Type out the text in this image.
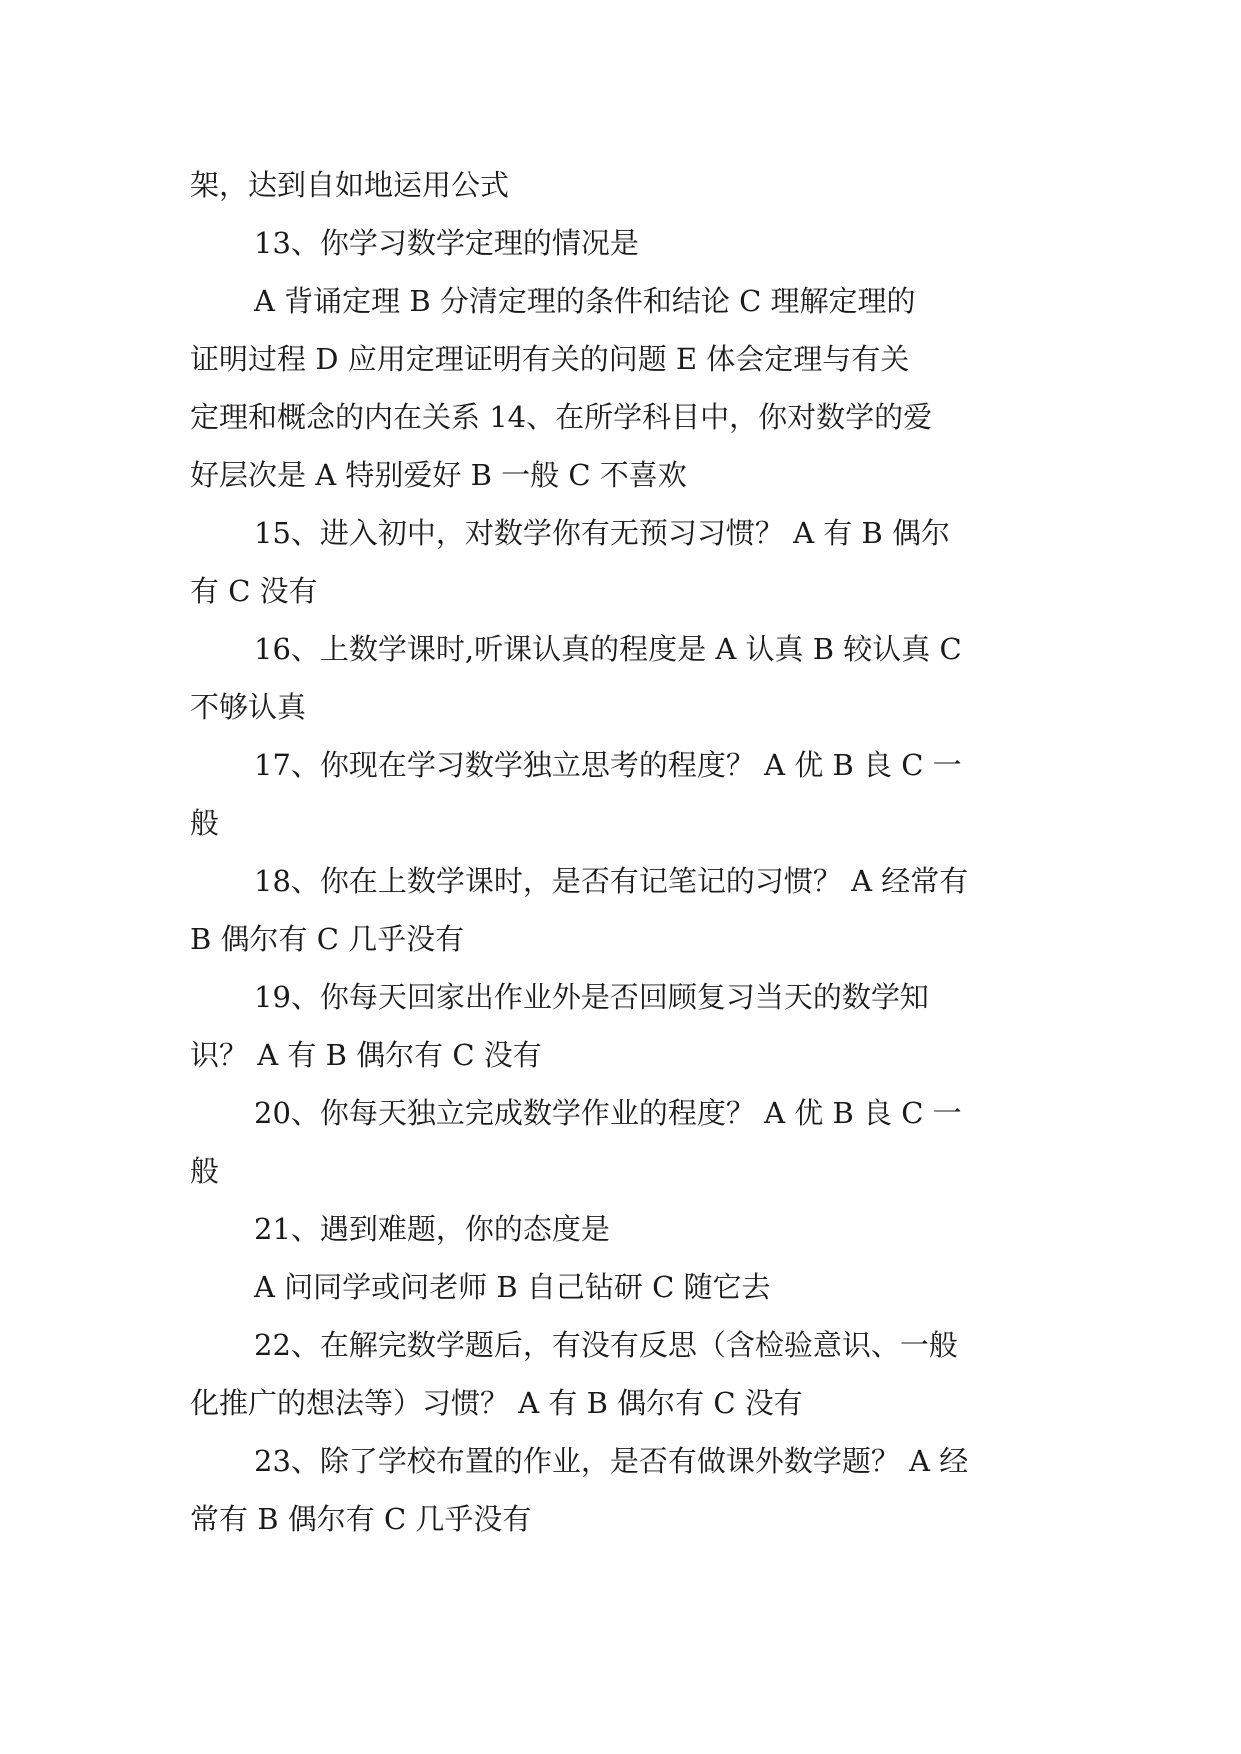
架，达到自如地运用公式
13、你学习数学定理的情况是
A 背诵定理 B 分清定理的条件和结论 C 理解定理的
证明过程 D 应用定理证明有关的问题 E 体会定理与有关
定理和概念的内在关系 14、在所学科目中，你对数学的爱
好层次是 A 特别爱好 B 一般 C 不喜欢
15、进入初中，对数学你有无预习习惯？ A 有 B 偶尔
有 C 没有
16、上数学课时,听课认真的程度是 A 认真 B 较认真 C
不够认真
17、你现在学习数学独立思考的程度？ A 优 B 良 C 一
般
18、你在上数学课时，是否有记笔记的习惯？ A 经常有
B 偶尔有 C 几乎没有
19、你每天回家出作业外是否回顾复习当天的数学知
识？ A 有 B 偶尔有 C 没有
20、你每天独立完成数学作业的程度？ A 优 B 良 C 一
般
21、遇到难题，你的态度是
A 问同学或问老师 B 自己钻研 C 随它去
22、在解完数学题后，有没有反思（含检验意识、一般
化推广的想法等）习惯？ A 有 B 偶尔有 C 没有
23、除了学校布置的作业，是否有做课外数学题？ A 经
常有 B 偶尔有 C 几乎没有
